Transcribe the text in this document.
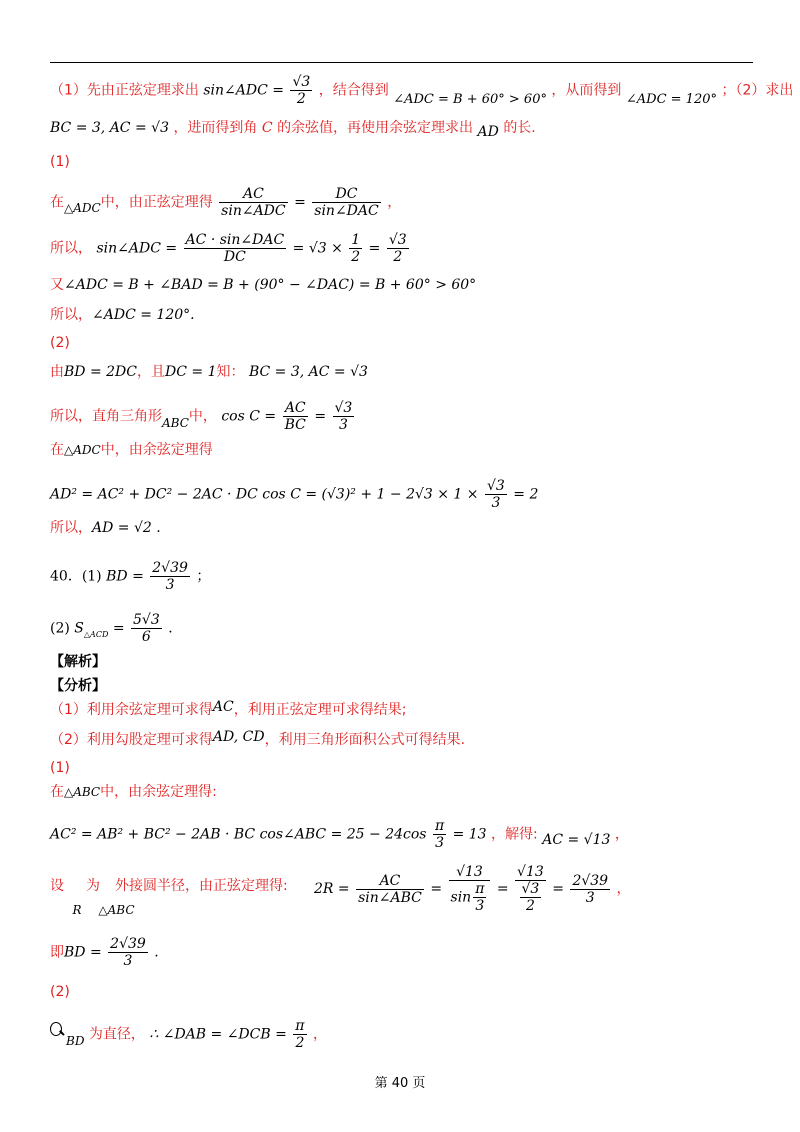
（1）先由正弦定理求出 sin∠ADC = $\frac{√3}{2}$ ，结合得到 ∠ADC = B + 60° > 60° ，从而得到 ∠ADC = 120° ；（2）求出
BC = 3, AC = √3 ，进而得到角 C 的余弦值，再使用余弦定理求出 AD 的长.
(1)
在△ADC中，由正弦定理得 $\frac{AC}{\text{sin∠ADC}} = \frac{DC}{\text{sin∠DAC}}$ ，
所以， sin∠ADC = $\frac{\text{AC · sin∠DAC}}{DC} = √3 \times \frac{1}{2} = \frac{√3}{2}$
又∠ADC = B + ∠BAD = B + (90° − ∠DAC) = B + 60° > 60°
所以，∠ADC = 120°.
(2)
由BD = 2DC，且DC = 1知： BC = 3, AC = √3
所以，直角三角形ABC中， $\cos C = \frac{AC}{BC} = \frac{√3}{3}$
在△ADC中，由余弦定理得
AD² = AC² + DC² − 2AC · DC $\cos C = (√3)^2 + 1 - 2√3 \times 1 \times \frac{√3}{3} = 2$
所以，AD = √2 .
40．(1) BD = $\frac{2√39}{3}$ ；
(2) $S_{\triangle ACD} = \frac{5√3}{6}$ .
【解析】
【分析】
（1）利用余弦定理可求得AC，利用正弦定理可求得结果;
（2）利用勾股定理可求得AD, CD，利用三角形面积公式可得结果.
(1)
在△ABC中，由余弦定理得:
AC² = AB² + BC² − 2AB · BC cos∠ABC = $25 - 24\cos \frac{\pi}{3} = 13$ ，解得: AC = √13 ，
设 R 为 △ABC 外接圆半径，由正弦定理得: $2R = \frac{AC}{\text{sin∠ABC}} = \frac{√13}{\sin \frac{\pi}{3}} = \frac{√13}{\frac{√3}{2}} = \frac{2√39}{3}$ ，
即BD = $\frac{2√39}{3}$ .
(2)
BD 为直径， ∴ ∠DAB = ∠DCB = $\frac{\pi}{2}$ ，
第 40 页
